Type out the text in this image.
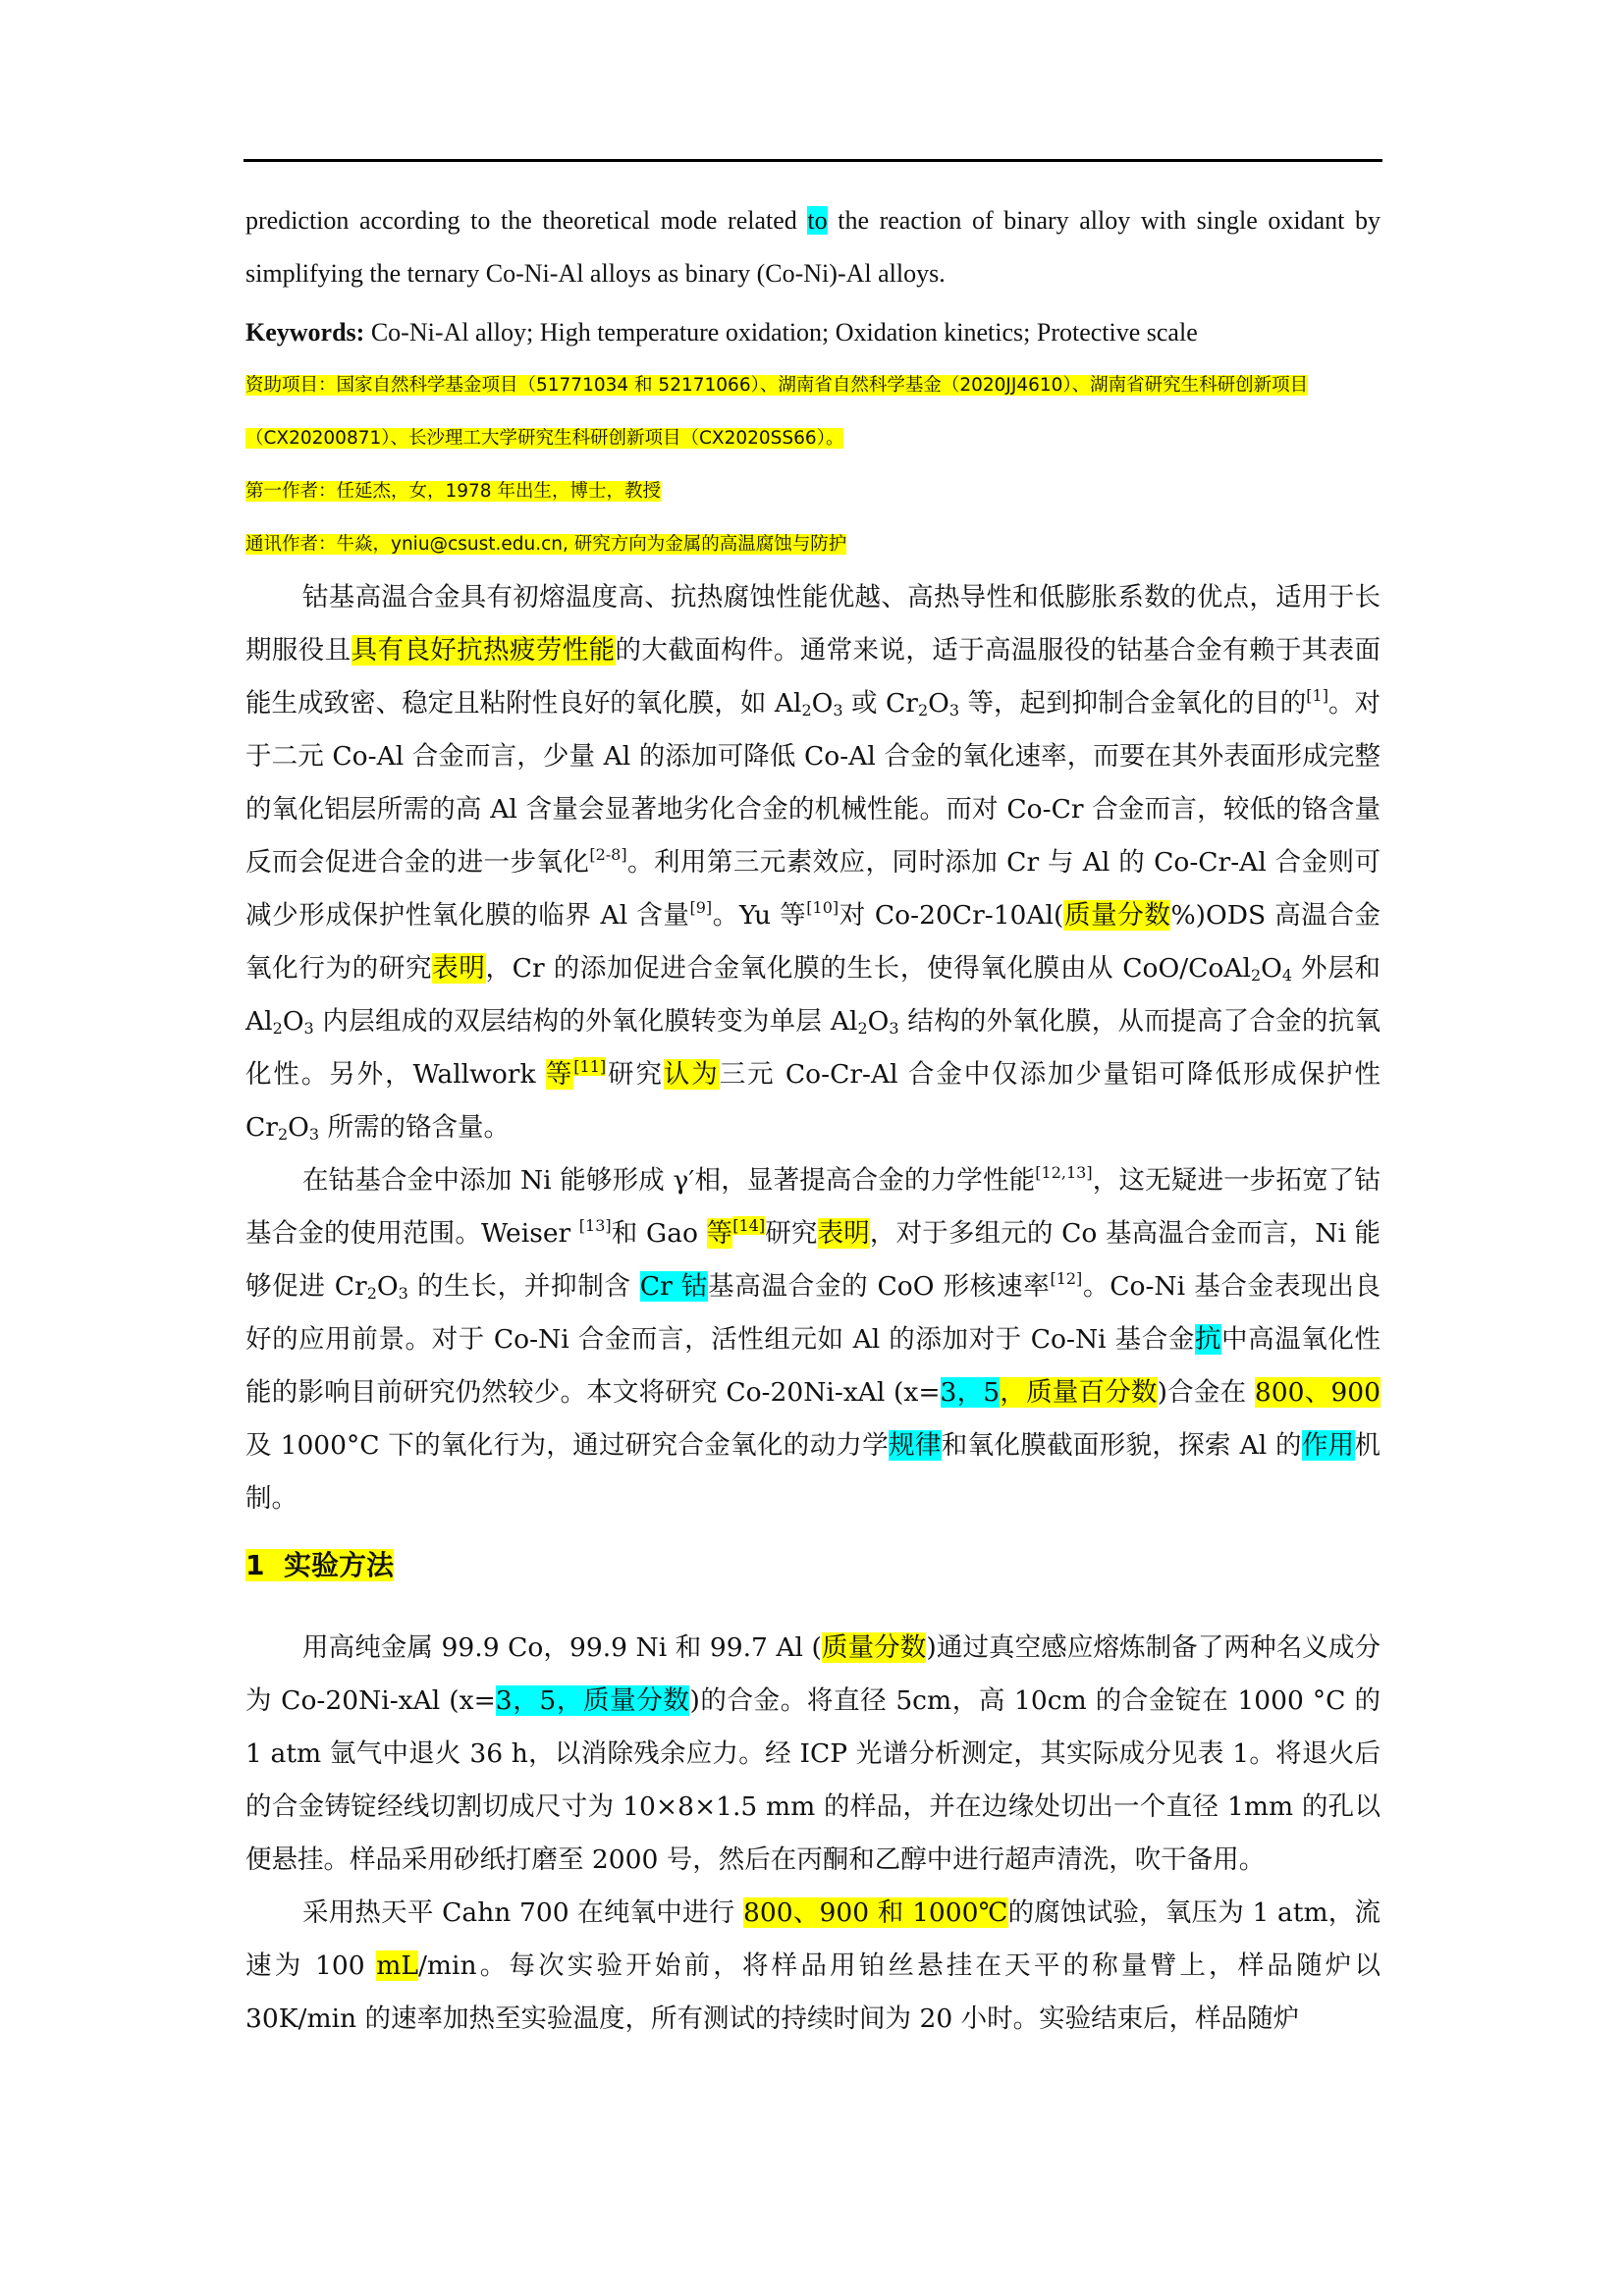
prediction according to the theoretical mode related to the reaction of binary alloy with single oxidant by simplifying the ternary Co-Ni-Al alloys as binary (Co-Ni)-Al alloys.

Keywords: Co-Ni-Al alloy; High temperature oxidation; Oxidation kinetics; Protective scale

资助项目：国家自然科学基金项目（51771034 和 52171066）、湖南省自然科学基金（2020JJ4610）、湖南省研究生科研创新项目

（CX20200871）、长沙理工大学研究生科研创新项目（CX2020SS66）。

第一作者：任延杰，女，1978 年出生，博士，教授

通讯作者：牛焱，yniu@csust.edu.cn, 研究方向为金属的高温腐蚀与防护

钴基高温合金具有初熔温度高、抗热腐蚀性能优越、高热导性和低膨胀系数的优点，适用于长期服役且具有良好抗热疲劳性能的大截面构件。通常来说，适于高温服役的钴基合金有赖于其表面能生成致密、稳定且粘附性良好的氧化膜，如 $Al_2O_3$ 或 $Cr_2O_3$ 等，起到抑制合金氧化的目的[1]。对于二元 Co-Al 合金而言，少量 Al 的添加可降低 Co-Al 合金的氧化速率，而要在其外表面形成完整的氧化铝层所需的高 Al 含量会显著地劣化合金的机械性能。而对 Co-Cr 合金而言，较低的铬含量反而会促进合金的进一步氧化[2-8]。利用第三元素效应，同时添加 Cr 与 Al 的 Co-Cr-Al 合金则可减少形成保护性氧化膜的临界 Al 含量[9]。Yu 等[10]对 Co-20Cr-10Al(质量分数%)ODS 高温合金氧化行为的研究表明，Cr 的添加促进合金氧化膜的生长，使得氧化膜由从 CoO/$CoAl_2O_4$ 外层和 $Al_2O_3$ 内层组成的双层结构的外氧化膜转变为单层 $Al_2O_3$ 结构的外氧化膜，从而提高了合金的抗氧化性。另外，Wallwork 等[11]研究认为三元 Co-Cr-Al 合金中仅添加少量铝可降低形成保护性 $Cr_2O_3$ 所需的铬含量。

在钴基合金中添加 Ni 能够形成 γ′相，显著提高合金的力学性能[12,13]，这无疑进一步拓宽了钴基合金的使用范围。Weiser [13]和 Gao 等[14]研究表明，对于多组元的 Co 基高温合金而言，Ni 能够促进 $Cr_2O_3$ 的生长，并抑制含 Cr 钴基高温合金的 CoO 形核速率[12]。Co-Ni 基合金表现出良好的应用前景。对于 Co-Ni 合金而言，活性组元如 Al 的添加对于 Co-Ni 基合金抗中高温氧化性能的影响目前研究仍然较少。本文将研究 Co-20Ni-xAl (x=3，5，质量百分数)合金在 800、900 及 1000°C 下的氧化行为，通过研究合金氧化的动力学规律和氧化膜截面形貌，探索 Al 的作用机制。

1 实验方法

用高纯金属 99.9 Co，99.9 Ni 和 99.7 Al (质量分数)通过真空感应熔炼制备了两种名义成分为 Co-20Ni-xAl (x=3，5，质量分数)的合金。将直径 5cm，高 10cm 的合金锭在 1000 °C 的 1 atm 氩气中退火 36 h，以消除残余应力。经 ICP 光谱分析测定，其实际成分见表 1。将退火后的合金铸锭经线切割切成尺寸为 10×8×1.5 mm 的样品，并在边缘处切出一个直径 1mm 的孔以便悬挂。样品采用砂纸打磨至 2000 号，然后在丙酮和乙醇中进行超声清洗，吹干备用。

采用热天平 Cahn 700 在纯氧中进行 800、900 和 1000℃的腐蚀试验，氧压为 1 atm，流速为 100 mL/min。每次实验开始前，将样品用铂丝悬挂在天平的称量臂上，样品随炉以 30K/min 的速率加热至实验温度，所有测试的持续时间为 20 小时。实验结束后，样品随炉
